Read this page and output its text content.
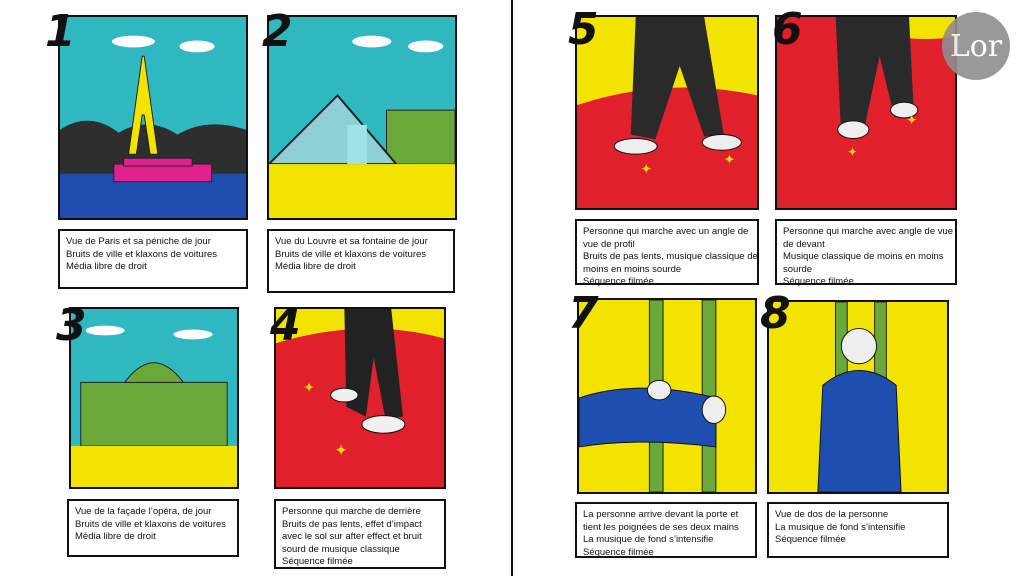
1
Vue de Paris et sa péniche de jour
Bruits de ville et klaxons de voitures
Média libre de droit
2
Vue du Louvre et sa fontaine de jour
Bruits de ville et klaxons de voitures
Média libre de droit
3
Vue de la façade l’opéra, de jour
Bruits de ville et klaxons de voitures
Média libre de droit
✦
✦
4
Personne qui marche de derrière
Bruits de pas lents, effet d’impact
avec le sol sur after effect et bruit
sourd de musique classique
Séquence filmée
✦
✦
5
Personne qui marche avec un angle de
vue de profil
Bruits de pas lents, musique classique de
moins en moins sourde
Séquence filmée
✦
✦
6
Personne qui marche avec angle de vue
de devant
Musique classique de moins en moins
sourde
Séquence filmée
7
La personne arrive devant la porte et
tient les poignées de ses deux mains
La musique de fond s’intensifie
Séquence filmée
8
Vue de dos de la personne
La musique de fond s’intensifie
Séquence filmée
Lor
